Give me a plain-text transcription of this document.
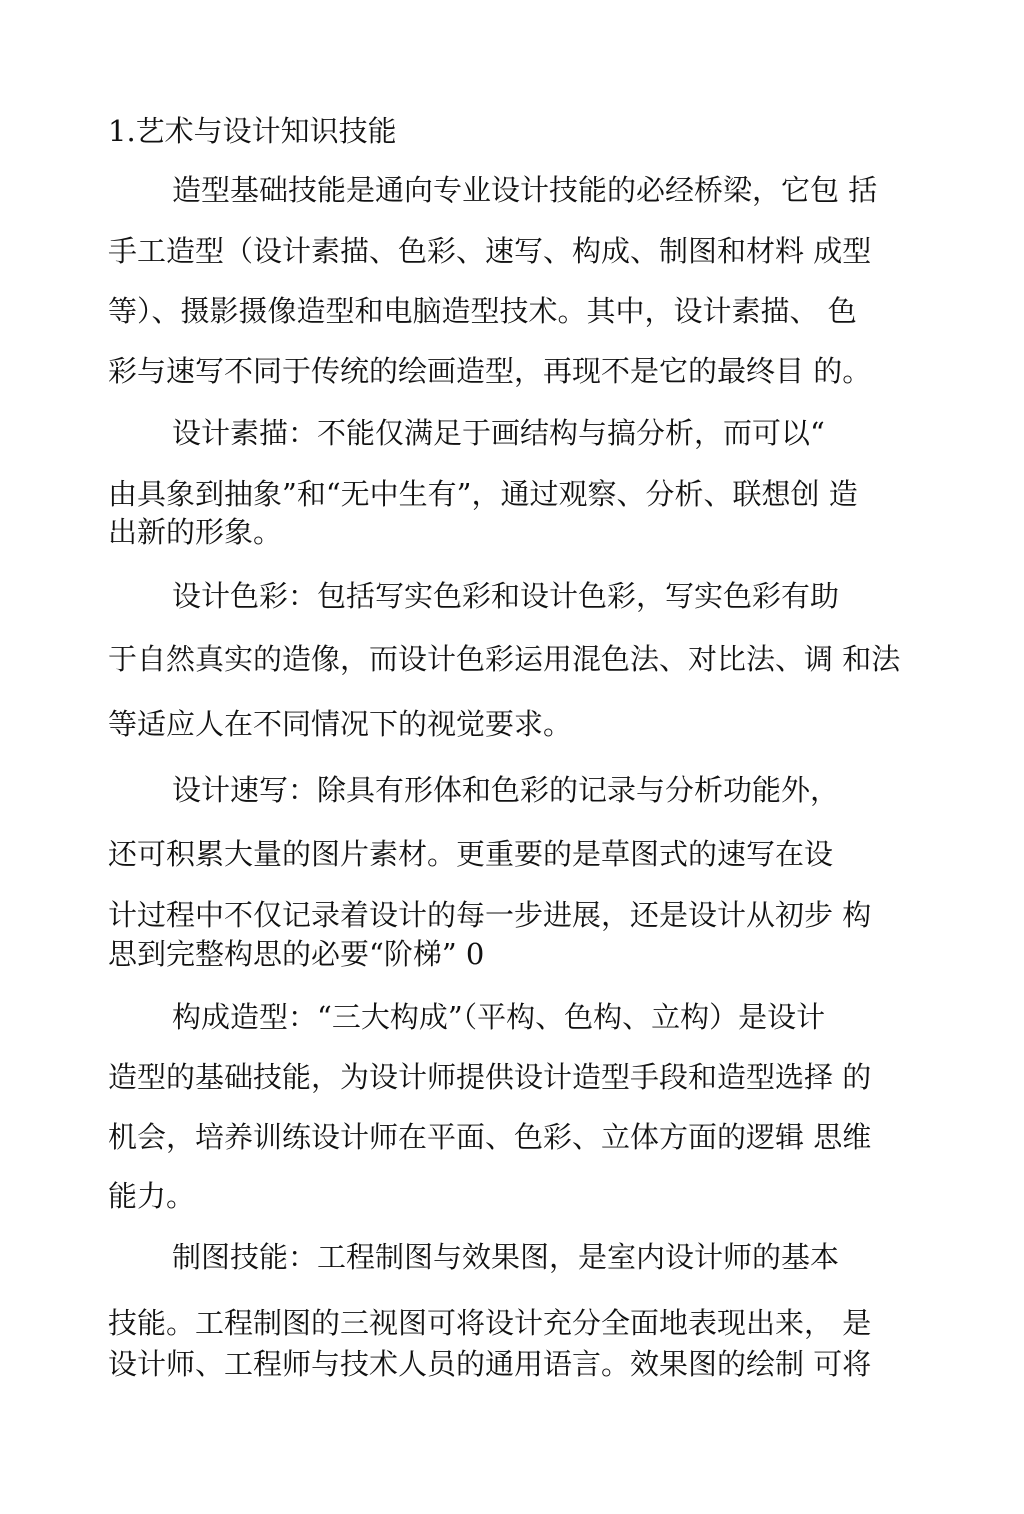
1.艺术与设计知识技能
造型基础技能是通向专业设计技能的必经桥梁，它包 括
手工造型（设计素描、色彩、速写、构成、制图和材料 成型
等）、摄影摄像造型和电脑造型技术。其中，设计素描、 色
彩与速写不同于传统的绘画造型，再现不是它的最终目 的。
设计素描：不能仅满足于画结构与搞分析，而可以“
由具象到抽象”和“无中生有”，通过观察、分析、联想创 造
出新的形象。
设计色彩：包括写实色彩和设计色彩，写实色彩有助
于自然真实的造像，而设计色彩运用混色法、对比法、调 和法
等适应人在不同情况下的视觉要求。
设计速写：除具有形体和色彩的记录与分析功能外，
还可积累大量的图片素材。更重要的是草图式的速写在设
计过程中不仅记录着设计的每一步进展，还是设计从初步 构
思到完整构思的必要“阶梯” 0
构成造型：“三大构成”（平构、色构、立构）是设计
造型的基础技能，为设计师提供设计造型手段和造型选择 的
机会，培养训练设计师在平面、色彩、立体方面的逻辑 思维
能力。
制图技能：工程制图与效果图，是室内设计师的基本
技能。工程制图的三视图可将设计充分全面地表现出来， 是
设计师、工程师与技术人员的通用语言。效果图的绘制 可将
